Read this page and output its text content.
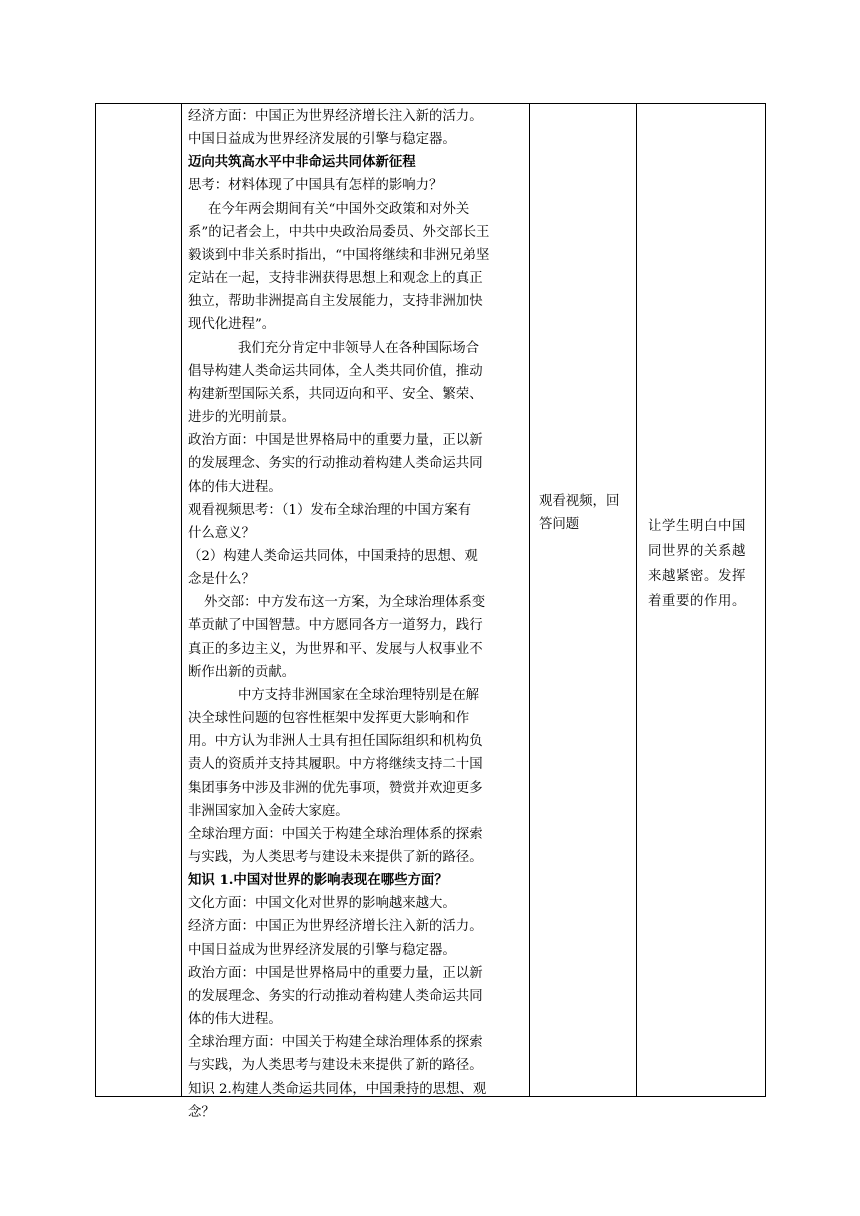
经济方面：中国正为世界经济增长注入新的活力。

中国日益成为世界经济发展的引擎与稳定器。

迈向共筑高水平中非命运共同体新征程

思考：材料体现了中国具有怎样的影响力？

在今年两会期间有关“中国外交政策和对外关

系”的记者会上，中共中央政治局委员、外交部长王

毅谈到中非关系时指出，“中国将继续和非洲兄弟坚

定站在一起，支持非洲获得思想上和观念上的真正

独立，帮助非洲提高自主发展能力，支持非洲加快

现代化进程”。

我们充分肯定中非领导人在各种国际场合

倡导构建人类命运共同体，全人类共同价值，推动

构建新型国际关系，共同迈向和平、安全、繁荣、

进步的光明前景。

政治方面：中国是世界格局中的重要力量，正以新

的发展理念、务实的行动推动着构建人类命运共同

体的伟大进程。

观看视频思考：（1）发布全球治理的中国方案有

什么意义？

（2）构建人类命运共同体，中国秉持的思想、观

念是什么？

外交部：中方发布这一方案，为全球治理体系变

革贡献了中国智慧。中方愿同各方一道努力，践行

真正的多边主义，为世界和平、发展与人权事业不

断作出新的贡献。

中方支持非洲国家在全球治理特别是在解

决全球性问题的包容性框架中发挥更大影响和作

用。中方认为非洲人士具有担任国际组织和机构负

责人的资质并支持其履职。中方将继续支持二十国

集团事务中涉及非洲的优先事项，赞赏并欢迎更多

非洲国家加入金砖大家庭。

全球治理方面：中国关于构建全球治理体系的探索

与实践，为人类思考与建设未来提供了新的路径。

知识 1.中国对世界的影响表现在哪些方面？

文化方面：中国文化对世界的影响越来越大。

经济方面：中国正为世界经济增长注入新的活力。

中国日益成为世界经济发展的引擎与稳定器。

政治方面：中国是世界格局中的重要力量，正以新

的发展理念、务实的行动推动着构建人类命运共同

体的伟大进程。

全球治理方面：中国关于构建全球治理体系的探索

与实践，为人类思考与建设未来提供了新的路径。

知识 2.构建人类命运共同体，中国秉持的思想、观

念？

观看视频，回

答问题	让学生明白中国

同世界的关系越

来越紧密。发挥

着重要的作用。
